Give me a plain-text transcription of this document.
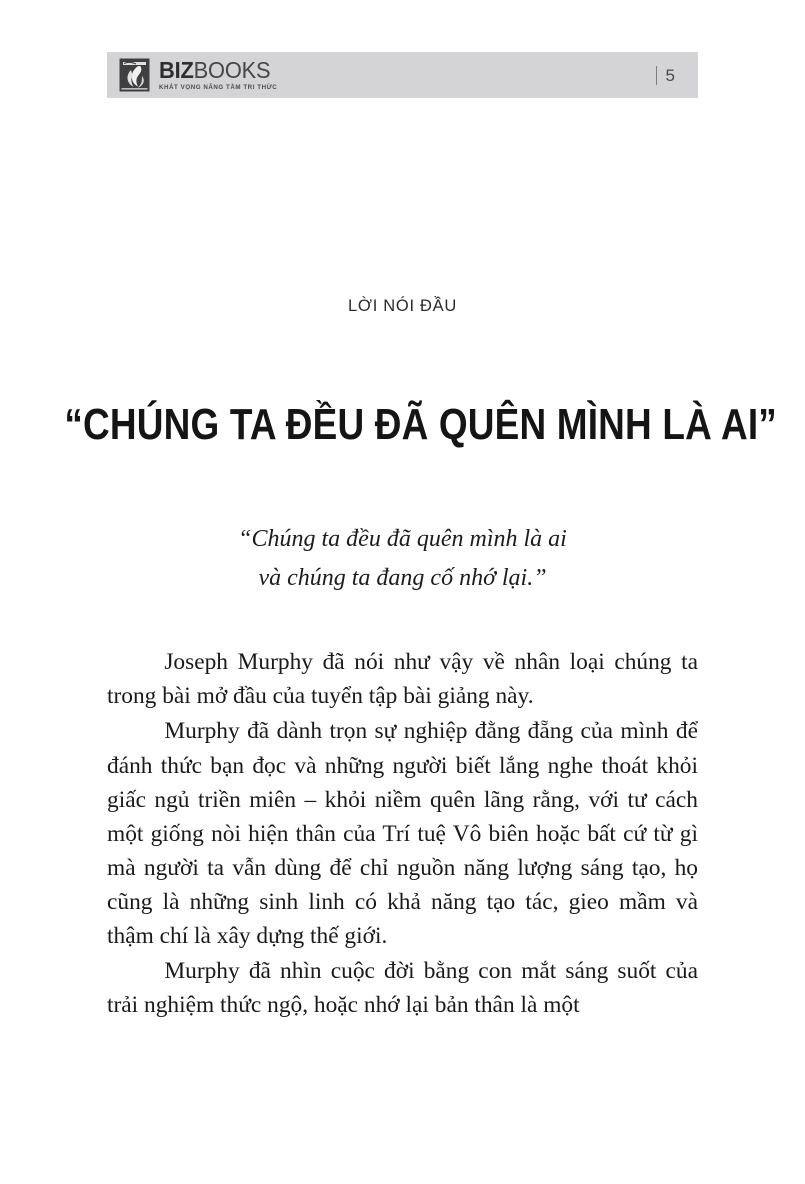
BIZBOOKS
KHÁT VỌNG NÂNG TẦM TRI THỨC
5
LỜI NÓI ĐẦU
“CHÚNG TA ĐỀU ĐÃ QUÊN MÌNH LÀ AI”
“Chúng ta đều đã quên mình là ai
và chúng ta đang cố nhớ lại.”

Joseph Murphy đã nói như vậy về nhân loại chúng ta trong bài mở đầu của tuyển tập bài giảng này.

Murphy đã dành trọn sự nghiệp đằng đẵng của mình để đánh thức bạn đọc và những người biết lắng nghe thoát khỏi giấc ngủ triền miên – khỏi niềm quên lãng rằng, với tư cách một giống nòi hiện thân của Trí tuệ Vô biên hoặc bất cứ từ gì mà người ta vẫn dùng để chỉ nguồn năng lượng sáng tạo, họ cũng là những sinh linh có khả năng tạo tác, gieo mầm và thậm chí là xây dựng thế giới.

Murphy đã nhìn cuộc đời bằng con mắt sáng suốt của trải nghiệm thức ngộ, hoặc nhớ lại bản thân là một
